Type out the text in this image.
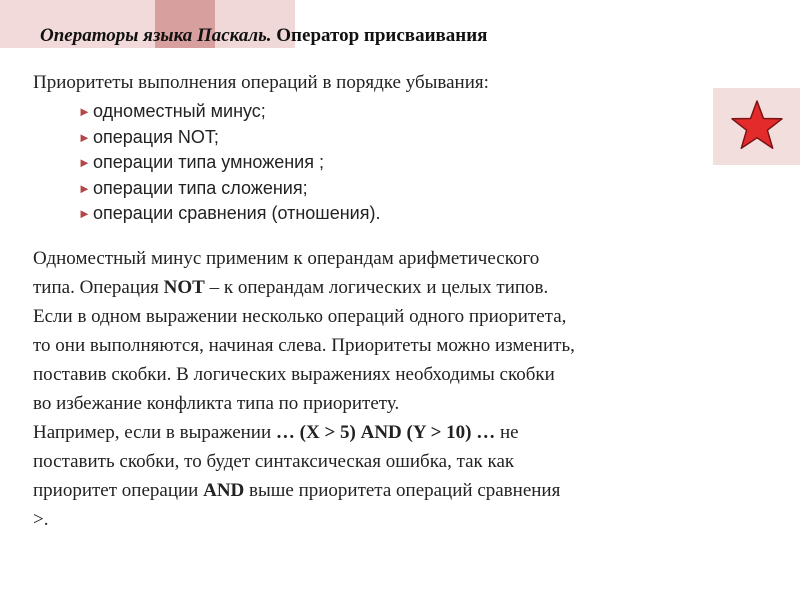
Операторы языка Паскаль. Оператор присваивания
Приоритеты выполнения операций в порядке убывания:
► одноместный минус;
► операция NOT;
► операции типа умножения ;
► операции типа сложения;
► операции сравнения (отношения).
Одноместный минус применим к операндам арифметического
типа. Операция NOT – к операндам логических и целых типов.
Если в одном выражении несколько операций одного приоритета,
то они выполняются, начиная слева. Приоритеты можно изменить,
поставив скобки. В логических выражениях необходимы скобки
во избежание конфликта типа по приоритету.
Например, если в выражении … (X > 5) AND (Y > 10) … не
поставить скобки, то будет синтаксическая ошибка, так как
приоритет операции AND выше приоритета операций сравнения
>.
